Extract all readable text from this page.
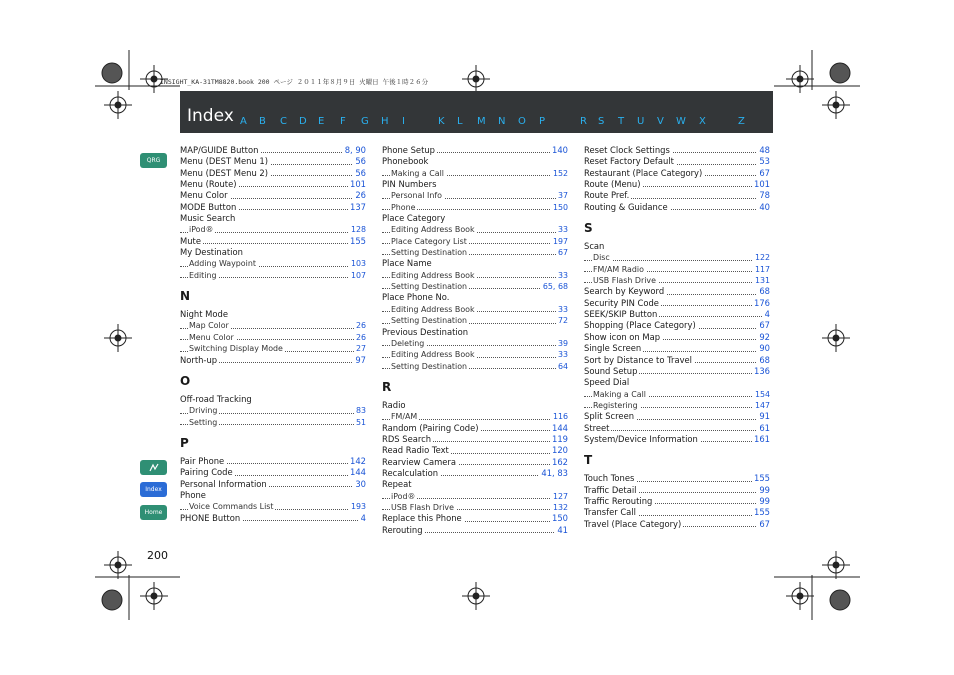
INSIGHT_KA-31TM8820.book 200 ページ ２０１１年８月９日 火曜日 午後１時２６分
Index A B C D E F G H I	K L M N O P	R S T U V W X	Z
QRG
Index
Home
200
MAP/GUIDE Button	8, 90
Menu (DEST Menu 1)	56
Menu (DEST Menu 2)	56
Menu (Route)	101
Menu Color	26
MODE Button	137
Music Search
iPod®	128
Mute	155
My Destination
Adding Waypoint	103
Editing	107
N
Night Mode
Map Color	26
Menu Color	26
Switching Display Mode	27
North-up	97
O
Off-road Tracking
Driving	83
Setting	51
P
Pair Phone	142
Pairing Code	144
Personal Information	30
Phone
Voice Commands List	193
PHONE Button	4
Phone Setup	140
Phonebook
Making a Call	152
PIN Numbers
Personal Info	37
Phone	150
Place Category
Editing Address Book	33
Place Category List	197
Setting Destination	67
Place Name
Editing Address Book	33
Setting Destination	65, 68
Place Phone No.
Editing Address Book	33
Setting Destination	72
Previous Destination
Deleting	39
Editing Address Book	33
Setting Destination	64
R
Radio
FM/AM	116
Random (Pairing Code)	144
RDS Search	119
Read Radio Text	120
Rearview Camera	162
Recalculation	41, 83
Repeat
iPod®	127
USB Flash Drive	132
Replace this Phone	150
Rerouting	41
Reset Clock Settings	48
Reset Factory Default	53
Restaurant (Place Category)	67
Route (Menu)	101
Route Pref.	78
Routing & Guidance	40
S
Scan
Disc	122
FM/AM Radio	117
USB Flash Drive	131
Search by Keyword	68
Security PIN Code	176
SEEK/SKIP Button	4
Shopping (Place Category)	67
Show icon on Map	92
Single Screen	90
Sort by Distance to Travel	68
Sound Setup	136
Speed Dial
Making a Call	154
Registering	147
Split Screen	91
Street	61
System/Device Information	161
T
Touch Tones	155
Traffic Detail	99
Traffic Rerouting	99
Transfer Call	155
Travel (Place Category)	67
